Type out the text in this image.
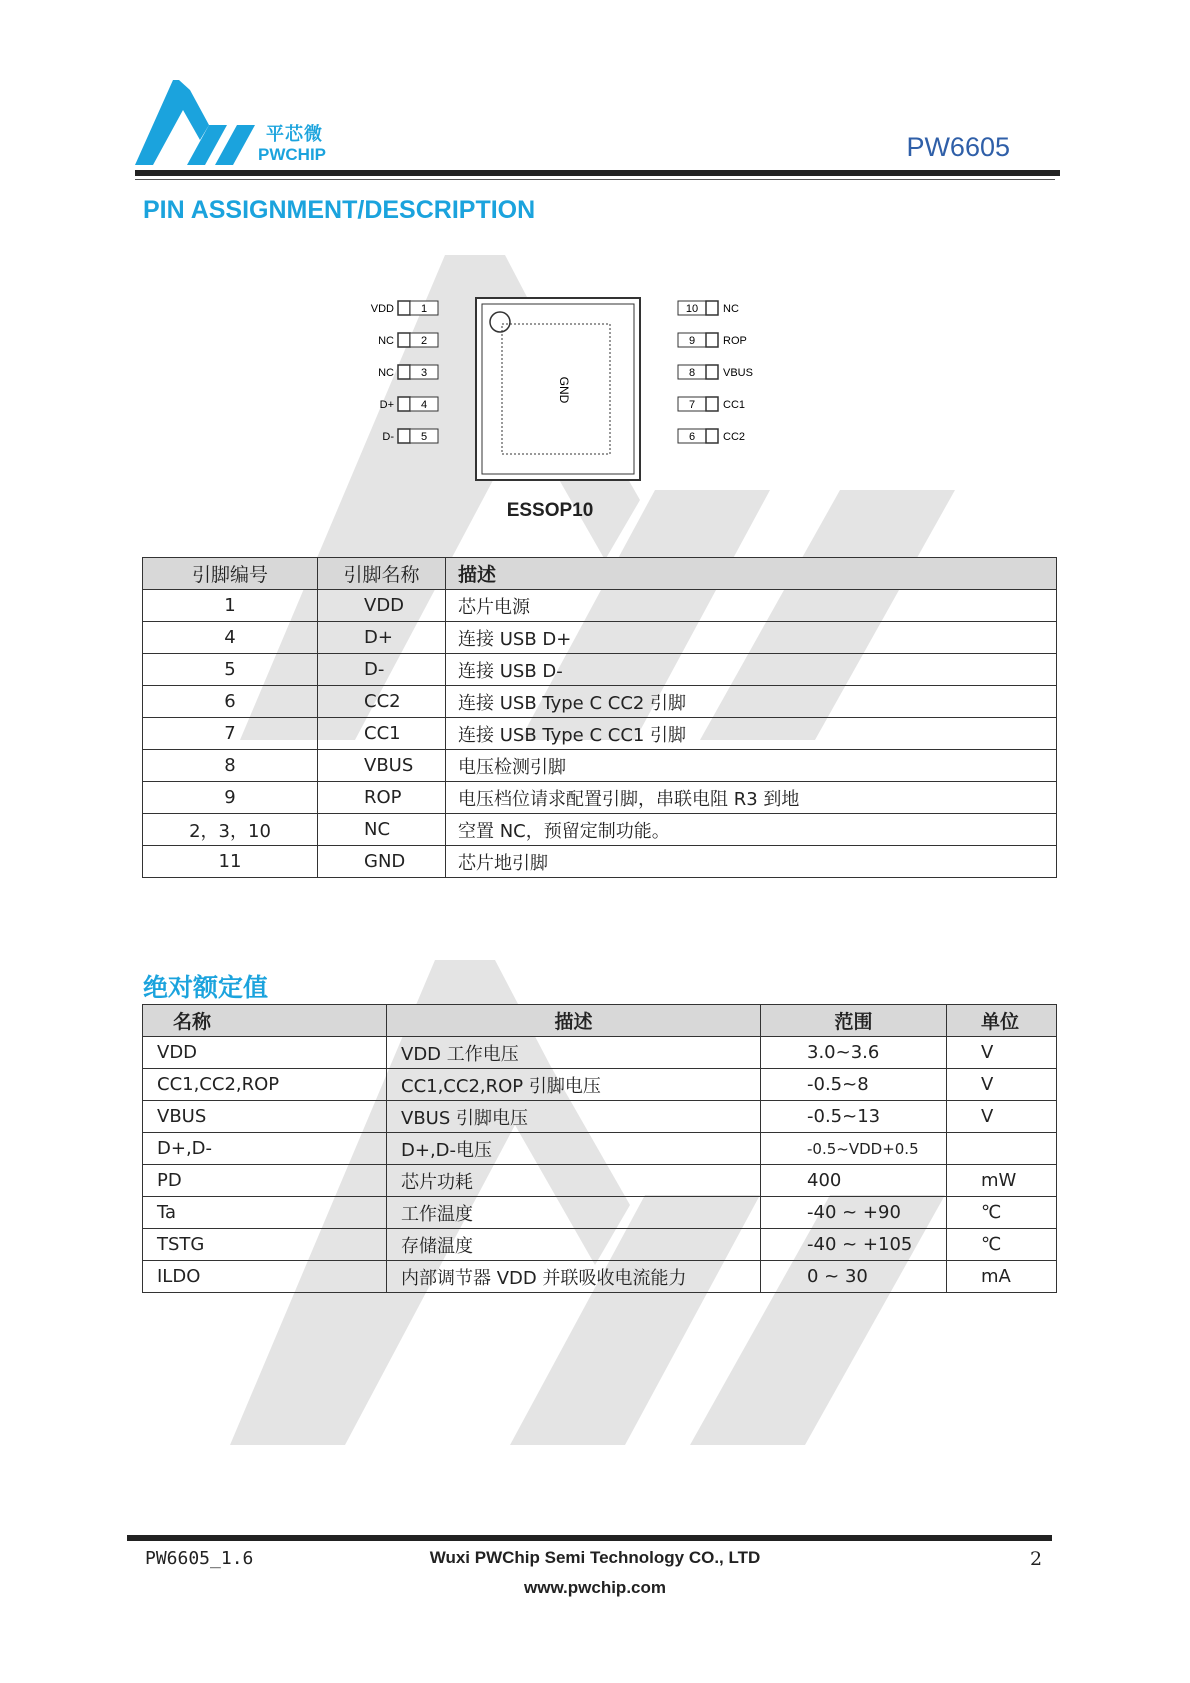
平芯微
PWCHIP	PW6605
PIN ASSIGNMENT/DESCRIPTION
GND
1
VDD
2
NC
3
NC
4
D+
5
D-
10 NC
9	ROP
8	VBUS
7	CC1
6	CC2
ESSOP10
引脚编号	引脚名称	描述
1	VDD	芯片电源
4	D+	连接 USB D+
5	D-	连接 USB D-
6	CC2	连接 USB Type C CC2 引脚
7	CC1	连接 USB Type C CC1 引脚
8	VBUS	电压检测引脚
9	ROP	电压档位请求配置引脚，串联电阻 R3 到地
2，3，10	NC	空置 NC，预留定制功能。
11	GND	芯片地引脚
绝对额定值
名称	描述	范围	单位
VDD	VDD 工作电压	3.0~3.6	V
CC1,CC2,ROP	CC1,CC2,ROP 引脚电压	-0.5~8	V
VBUS	VBUS 引脚电压	-0.5~13	V
D+,D-	D+,D-电压	-0.5~VDD+0.5	
PD	芯片功耗	400	mW
Ta	工作温度	-40 ~ +90	℃
TSTG	存储温度	-40 ~ +105	℃
ILDO	内部调节器 VDD 并联吸收电流能力	0 ~ 30	mA
PW6605_1.6	Wuxi PWChip Semi Technology CO., LTD
www.pwchip.com
2
